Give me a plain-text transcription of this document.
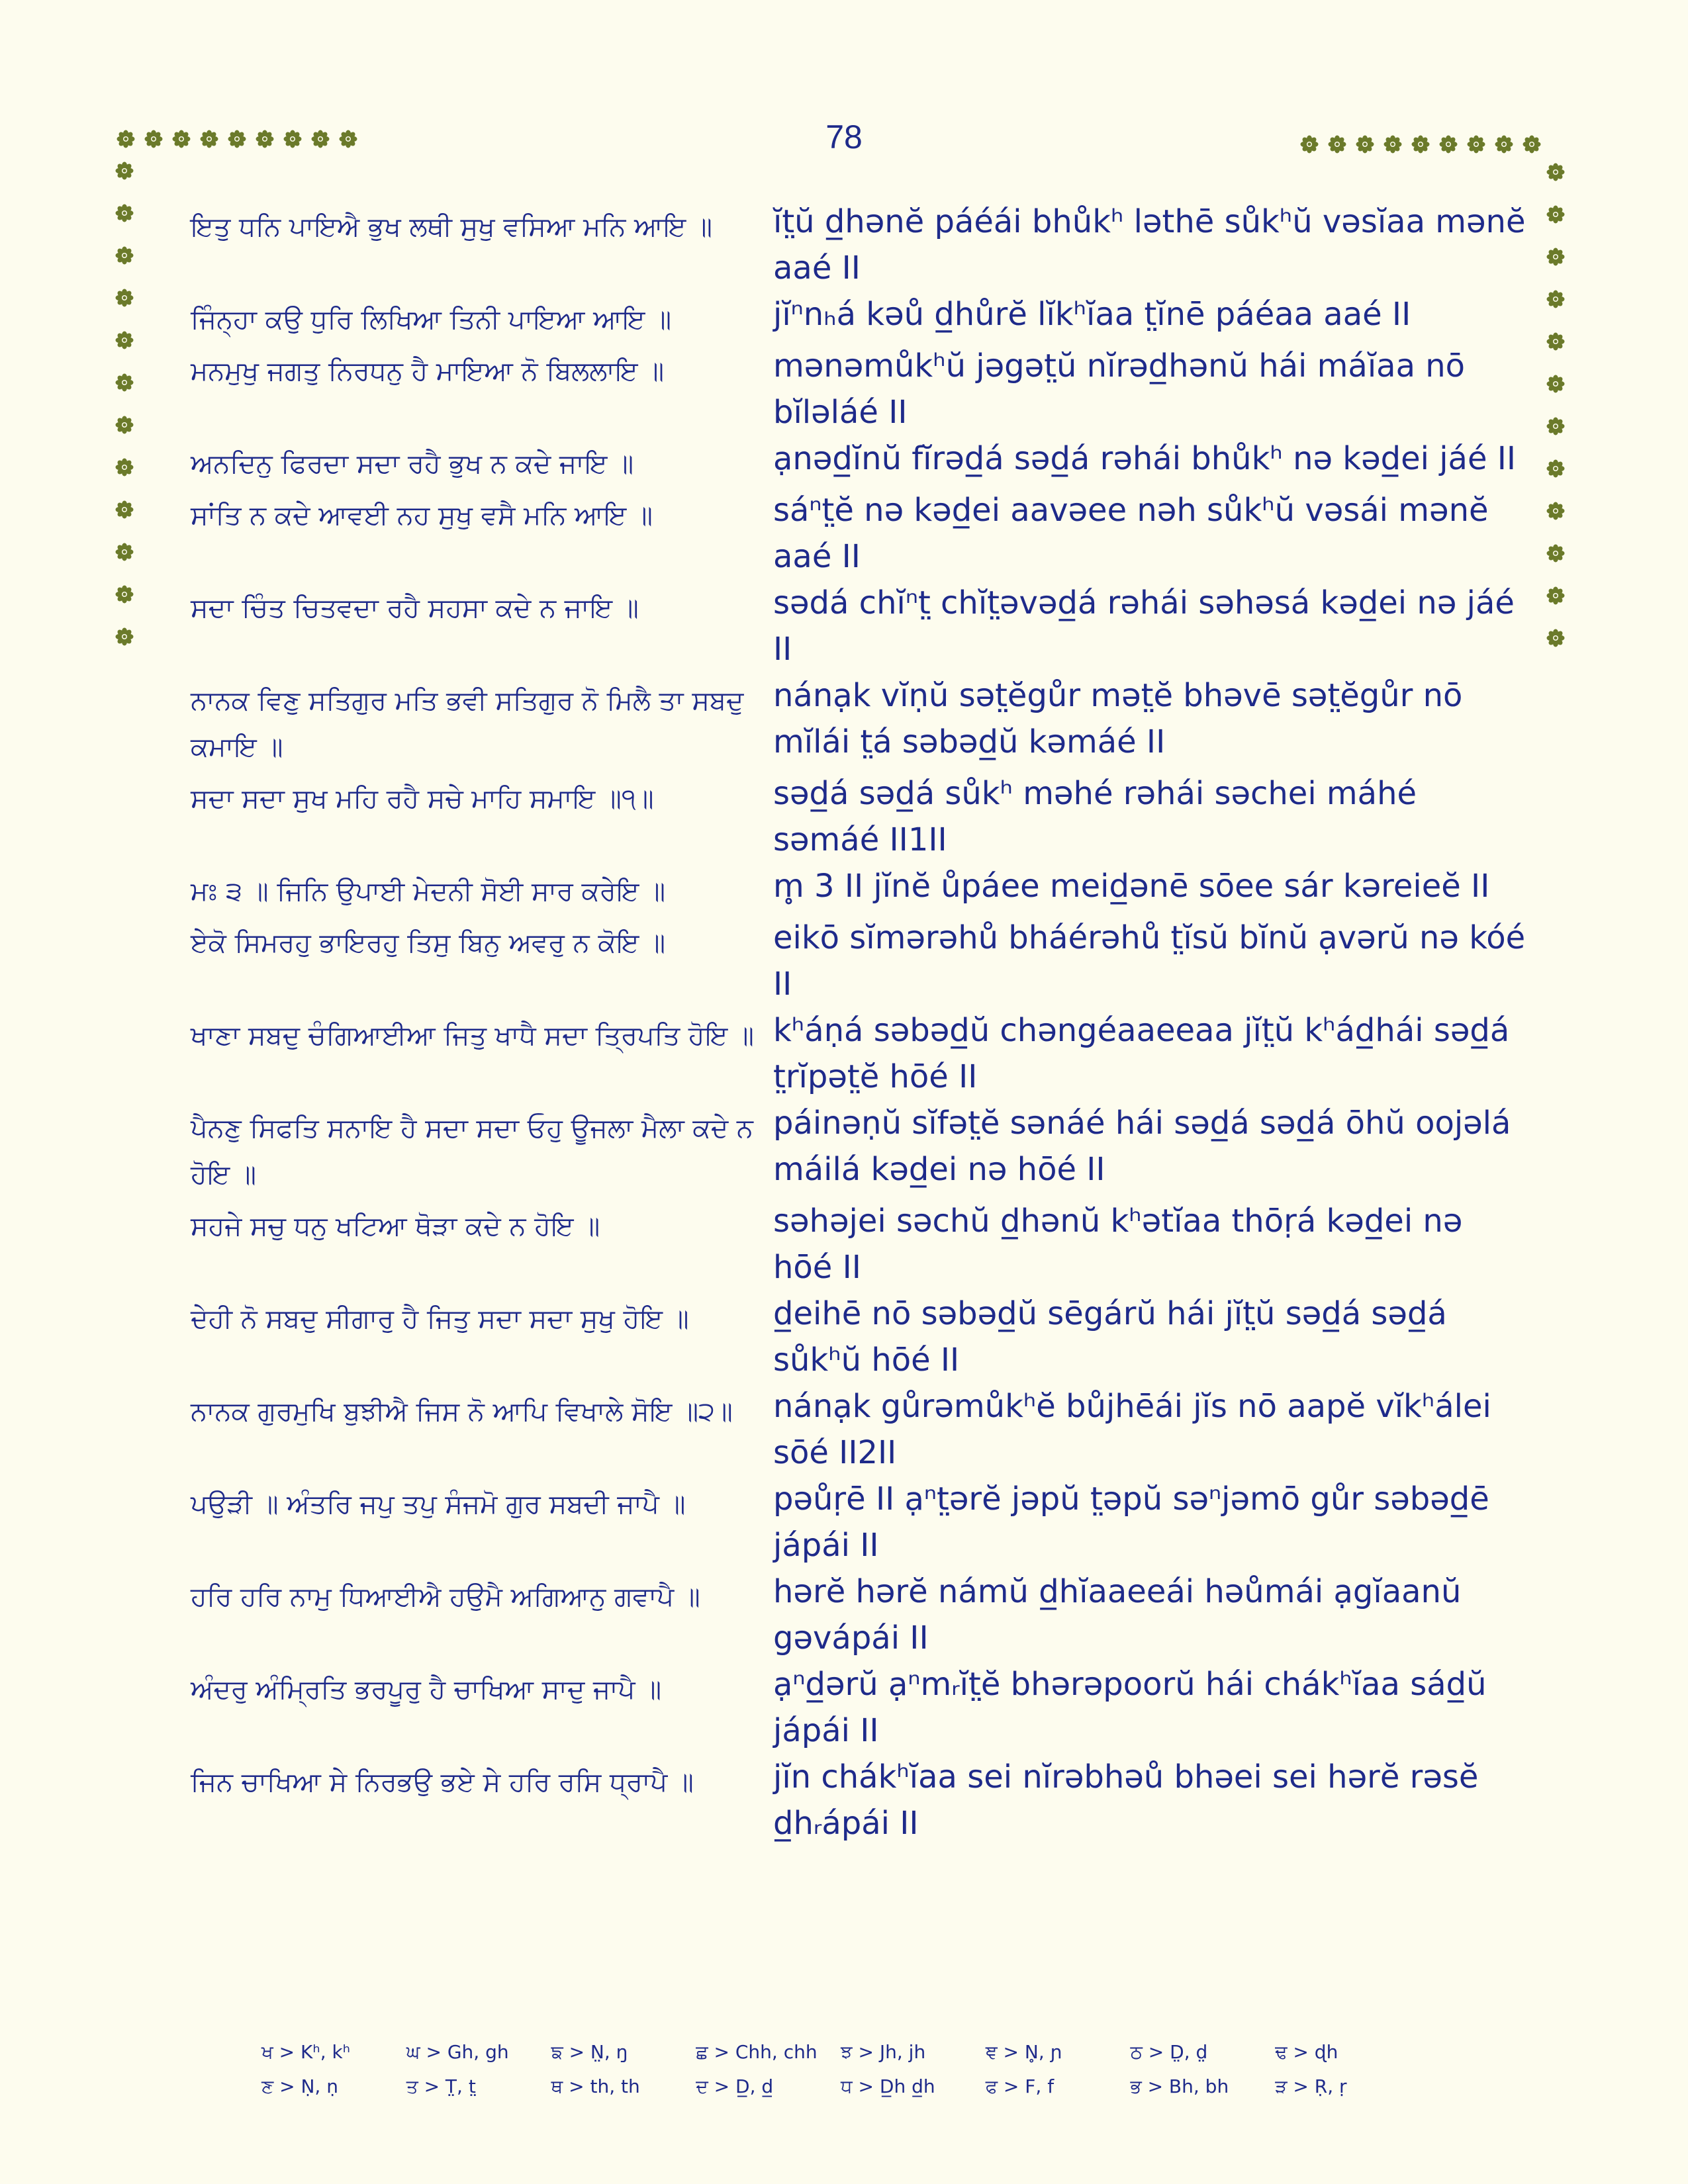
78
ਇਤੁ ਧਨਿ ਪਾਇਐ ਭੁਖ ਲਥੀ ਸੁਖੁ ਵਸਿਆ ਮਨਿ ਆਇ ॥	ĭt̤ŭ d̲hənĕ páéái bhůkʰ ləthē sůkʰŭ vəsĭaa mənĕ aaé II
ਜਿੰਨ੍ਹਾ ਕਉ ਧੁਰਿ ਲਿਖਿਆ ਤਿਨੀ ਪਾਇਆ ਆਇ ॥	jĭⁿnₕá kəů d̲hůrĕ lĭkʰĭaa t̤ĭnē páéaa aaé II
ਮਨਮੁਖੁ ਜਗਤੁ ਨਿਰਧਨੁ ਹੈ ਮਾਇਆ ਨੋ ਬਿਲਲਾਇ ॥	mənəmůkʰŭ jəgət̤ŭ nĭrəd̲hənŭ hái máĭaa nō bĭləláé II
ਅਨਦਿਨੁ ਫਿਰਦਾ ਸਦਾ ਰਹੈ ਭੁਖ ਨ ਕਦੇ ਜਾਇ ॥	ạnəd̲ĭnŭ fĭrəd̲á səd̲á rəhái bhůkʰ nə kəd̲ei jáé II
ਸਾਂਤਿ ਨ ਕਦੇ ਆਵਈ ਨਹ ਸੁਖੁ ਵਸੈ ਮਨਿ ਆਇ ॥	sáⁿt̤ĕ nə kəd̲ei aavəee nəh sůkʰŭ vəsái mənĕ aaé II
ਸਦਾ ਚਿੰਤ ਚਿਤਵਦਾ ਰਹੈ ਸਹਸਾ ਕਦੇ ਨ ਜਾਇ ॥	sədá chĭⁿt̤ chĭt̤əvəd̲á rəhái səhəsá kəd̲ei nə jáé II
ਨਾਨਕ ਵਿਣੁ ਸਤਿਗੁਰ ਮਤਿ ਭਵੀ ਸਤਿਗੁਰ ਨੋ ਮਿਲੈ ਤਾ ਸਬਦੁ ਕਮਾਇ ॥
nánạk vĭṇŭ sət̤ĕgůr mət̤ĕ bhəvē sət̤ĕgůr nō mĭlái t̤á səbəd̲ŭ kəmáé II
ਸਦਾ ਸਦਾ ਸੁਖ ਮਹਿ ਰਹੈ ਸਚੇ ਮਾਹਿ ਸਮਾਇ ॥੧॥	səd̲á səd̲á sůkʰ məhé rəhái səchei máhé səmáé II1II
ਮਃ ੩ ॥ ਜਿਨਿ ਉਪਾਈ ਮੇਦਨੀ ਸੋਈ ਸਾਰ ਕਰੇਇ ॥	m̥ 3 II jĭnĕ ůpáee meid̲ənē sōee sár kəreieĕ II
ਏਕੋ ਸਿਮਰਹੁ ਭਾਇਰਹੁ ਤਿਸੁ ਬਿਨੁ ਅਵਰੁ ਨ ਕੋਇ ॥	eikō sĭmərəhů bháérəhů t̤ĭsŭ bĭnŭ ạvərŭ nə kóé II
ਖਾਣਾ ਸਬਦੁ ਚੰਗਿਆਈਆ ਜਿਤੁ ਖਾਧੈ ਸਦਾ ਤ੍ਰਿਪਤਿ ਹੋਇ ॥ kʰáṇá səbəd̲ŭ chəngéaaeeaa jĭt̤ŭ kʰád̲hái səd̲á t̤rĭpət̤ĕ hōé II
ਪੈਨਣੁ ਸਿਫਤਿ ਸਨਾਇ ਹੈ ਸਦਾ ਸਦਾ ਓਹੁ ਊਜਲਾ ਮੈਲਾ ਕਦੇ ਨ ਹੋਇ ॥
páinəṇŭ sĭfət̤ĕ sənáé hái səd̲á səd̲á ōhŭ oojəlá máilá kəd̲ei nə hōé II
ਸਹਜੇ ਸਚੁ ਧਨੁ ਖਟਿਆ ਥੋੜਾ ਕਦੇ ਨ ਹੋਇ ॥	səhəjei səchŭ d̲hənŭ kʰətĭaa thōṛá kəd̲ei nə hōé II
ਦੇਹੀ ਨੋ ਸਬਦੁ ਸੀਗਾਰੁ ਹੈ ਜਿਤੁ ਸਦਾ ਸਦਾ ਸੁਖੁ ਹੋਇ ॥	d̲eihē nō səbəd̲ŭ sēgárŭ hái jĭt̤ŭ səd̲á səd̲á sůkʰŭ hōé II
ਨਾਨਕ ਗੁਰਮੁਖਿ ਬੁਝੀਐ ਜਿਸ ਨੋ ਆਪਿ ਵਿਖਾਲੇ ਸੋਇ ॥੨॥	nánạk gůrəmůkʰĕ bůjhēái jĭs nō aapĕ vĭkʰálei sōé II2II
ਪਉੜੀ ॥ ਅੰਤਰਿ ਜਪੁ ਤਪੁ ਸੰਜਮੋ ਗੁਰ ਸਬਦੀ ਜਾਪੈ ॥	pəůṛē II ạⁿt̤ərĕ jəpŭ t̤əpŭ səⁿjəmō gůr səbəd̲ē jápái II
ਹਰਿ ਹਰਿ ਨਾਮੁ ਧਿਆਈਐ ਹਉਮੈ ਅਗਿਆਨੁ ਗਵਾਪੈ ॥	hərĕ hərĕ námŭ d̲hĭaaeeái həůmái ạgĭaanŭ gəvápái II
ਅੰਦਰੁ ਅੰਮ੍ਰਿਤਿ ਭਰਪੂਰੁ ਹੈ ਚਾਖਿਆ ਸਾਦੁ ਜਾਪੈ ॥	ạⁿd̲ərŭ ạⁿmᵣĭt̤ĕ bhərəpoorŭ hái chákʰĭaa sád̲ŭ jápái II
ਜਿਨ ਚਾਖਿਆ ਸੇ ਨਿਰਭਉ ਭਏ ਸੇ ਹਰਿ ਰਸਿ ਧ੍ਰਾਪੈ ॥	jĭn chákʰĭaa sei nĭrəbhəů bhəei sei hərĕ rəsĕ d̲hᵣápái II
ਖ > Kʰ, kʰ	ਘ > Gh, gh	ਙ > N̤, ŋ	ਛ > Chh, chh	ਝ > Jh, jh	ਞ > N̥, ɲ	ਠ > D̤, d̤	ਢ > ɖh
ਣ > Ṇ, ṇ	ਤ > T̤, t̤	ਥ > th, th	ਦ > D̲, d̲	ਧ > D̲h d̲h	ਫ > F, f	ਭ > Bh, bh	ੜ > Ṛ, ṛ
